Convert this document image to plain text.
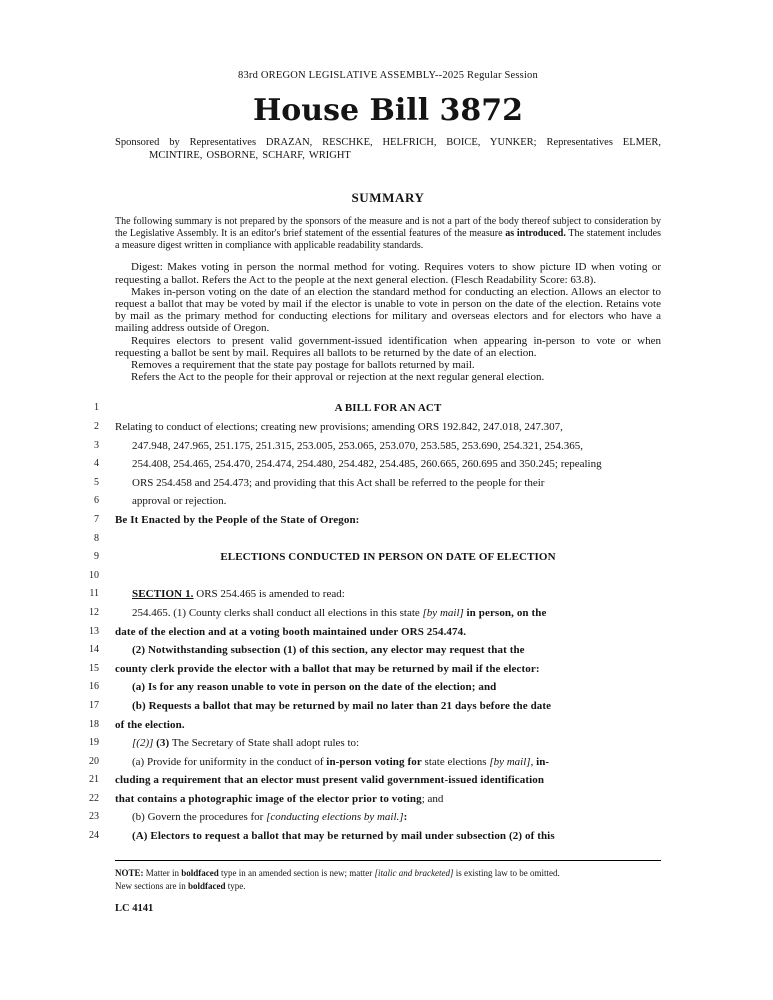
83rd OREGON LEGISLATIVE ASSEMBLY--2025 Regular Session
House Bill 3872

Sponsored by Representatives DRAZAN, RESCHKE, HELFRICH, BOICE, YUNKER; Representatives ELMER, MCINTIRE, OSBORNE, SCHARF, WRIGHT

SUMMARY

The following summary is not prepared by the sponsors of the measure and is not a part of the body thereof subject to consideration by the Legislative Assembly. It is an editor's brief statement of the essential features of the measure as introduced. The statement includes a measure digest written in compliance with applicable readability standards.

Digest: Makes voting in person the normal method for voting. Requires voters to show picture ID when voting or requesting a ballot. Refers the Act to the people at the next general election. (Flesch Readability Score: 63.8).

Makes in-person voting on the date of an election the standard method for conducting an election. Allows an elector to request a ballot that may be voted by mail if the elector is unable to vote in person on the date of the election. Retains vote by mail as the primary method for conducting elections for military and overseas electors and for electors who have a mailing address outside of Oregon.

Requires electors to present valid government-issued identification when appearing in-person to vote or when requesting a ballot be sent by mail. Requires all ballots to be returned by the date of an election.

Removes a requirement that the state pay postage for ballots returned by mail.

Refers the Act to the people for their approval or rejection at the next regular general election.

1	A BILL FOR AN ACT
2 Relating to conduct of elections; creating new provisions; amending ORS 192.842, 247.018, 247.307,
3	247.948, 247.965, 251.175, 251.315, 253.005, 253.065, 253.070, 253.585, 253.690, 254.321, 254.365,
4	254.408, 254.465, 254.470, 254.474, 254.480, 254.482, 254.485, 260.665, 260.695 and 350.245; repealing
5	ORS 254.458 and 254.473; and providing that this Act shall be referred to the people for their
6	approval or rejection.
7 Be It Enacted by the People of the State of Oregon:
8
9	ELECTIONS CONDUCTED IN PERSON ON DATE OF ELECTION
10
11	SECTION 1. ORS 254.465 is amended to read:
12	254.465. (1) County clerks shall conduct all elections in this state [by mail] in person, on the
13 date of the election and at a voting booth maintained under ORS 254.474.
14	(2) Notwithstanding subsection (1) of this section, any elector may request that the
15 county clerk provide the elector with a ballot that may be returned by mail if the elector:
16	(a) Is for any reason unable to vote in person on the date of the election; and
17	(b) Requests a ballot that may be returned by mail no later than 21 days before the date
18 of the election.
19	[(2)] (3) The Secretary of State shall adopt rules to:
20	(a) Provide for uniformity in the conduct of in-person voting for state elections [by mail], in-
21 cluding a requirement that an elector must present valid government-issued identification
22 that contains a photographic image of the elector prior to voting; and
23	(b) Govern the procedures for [conducting elections by mail.]:
24	(A) Electors to request a ballot that may be returned by mail under subsection (2) of this

NOTE: Matter in boldfaced type in an amended section is new; matter [italic and bracketed] is existing law to be omitted.

New sections are in boldfaced type.

LC 4141
